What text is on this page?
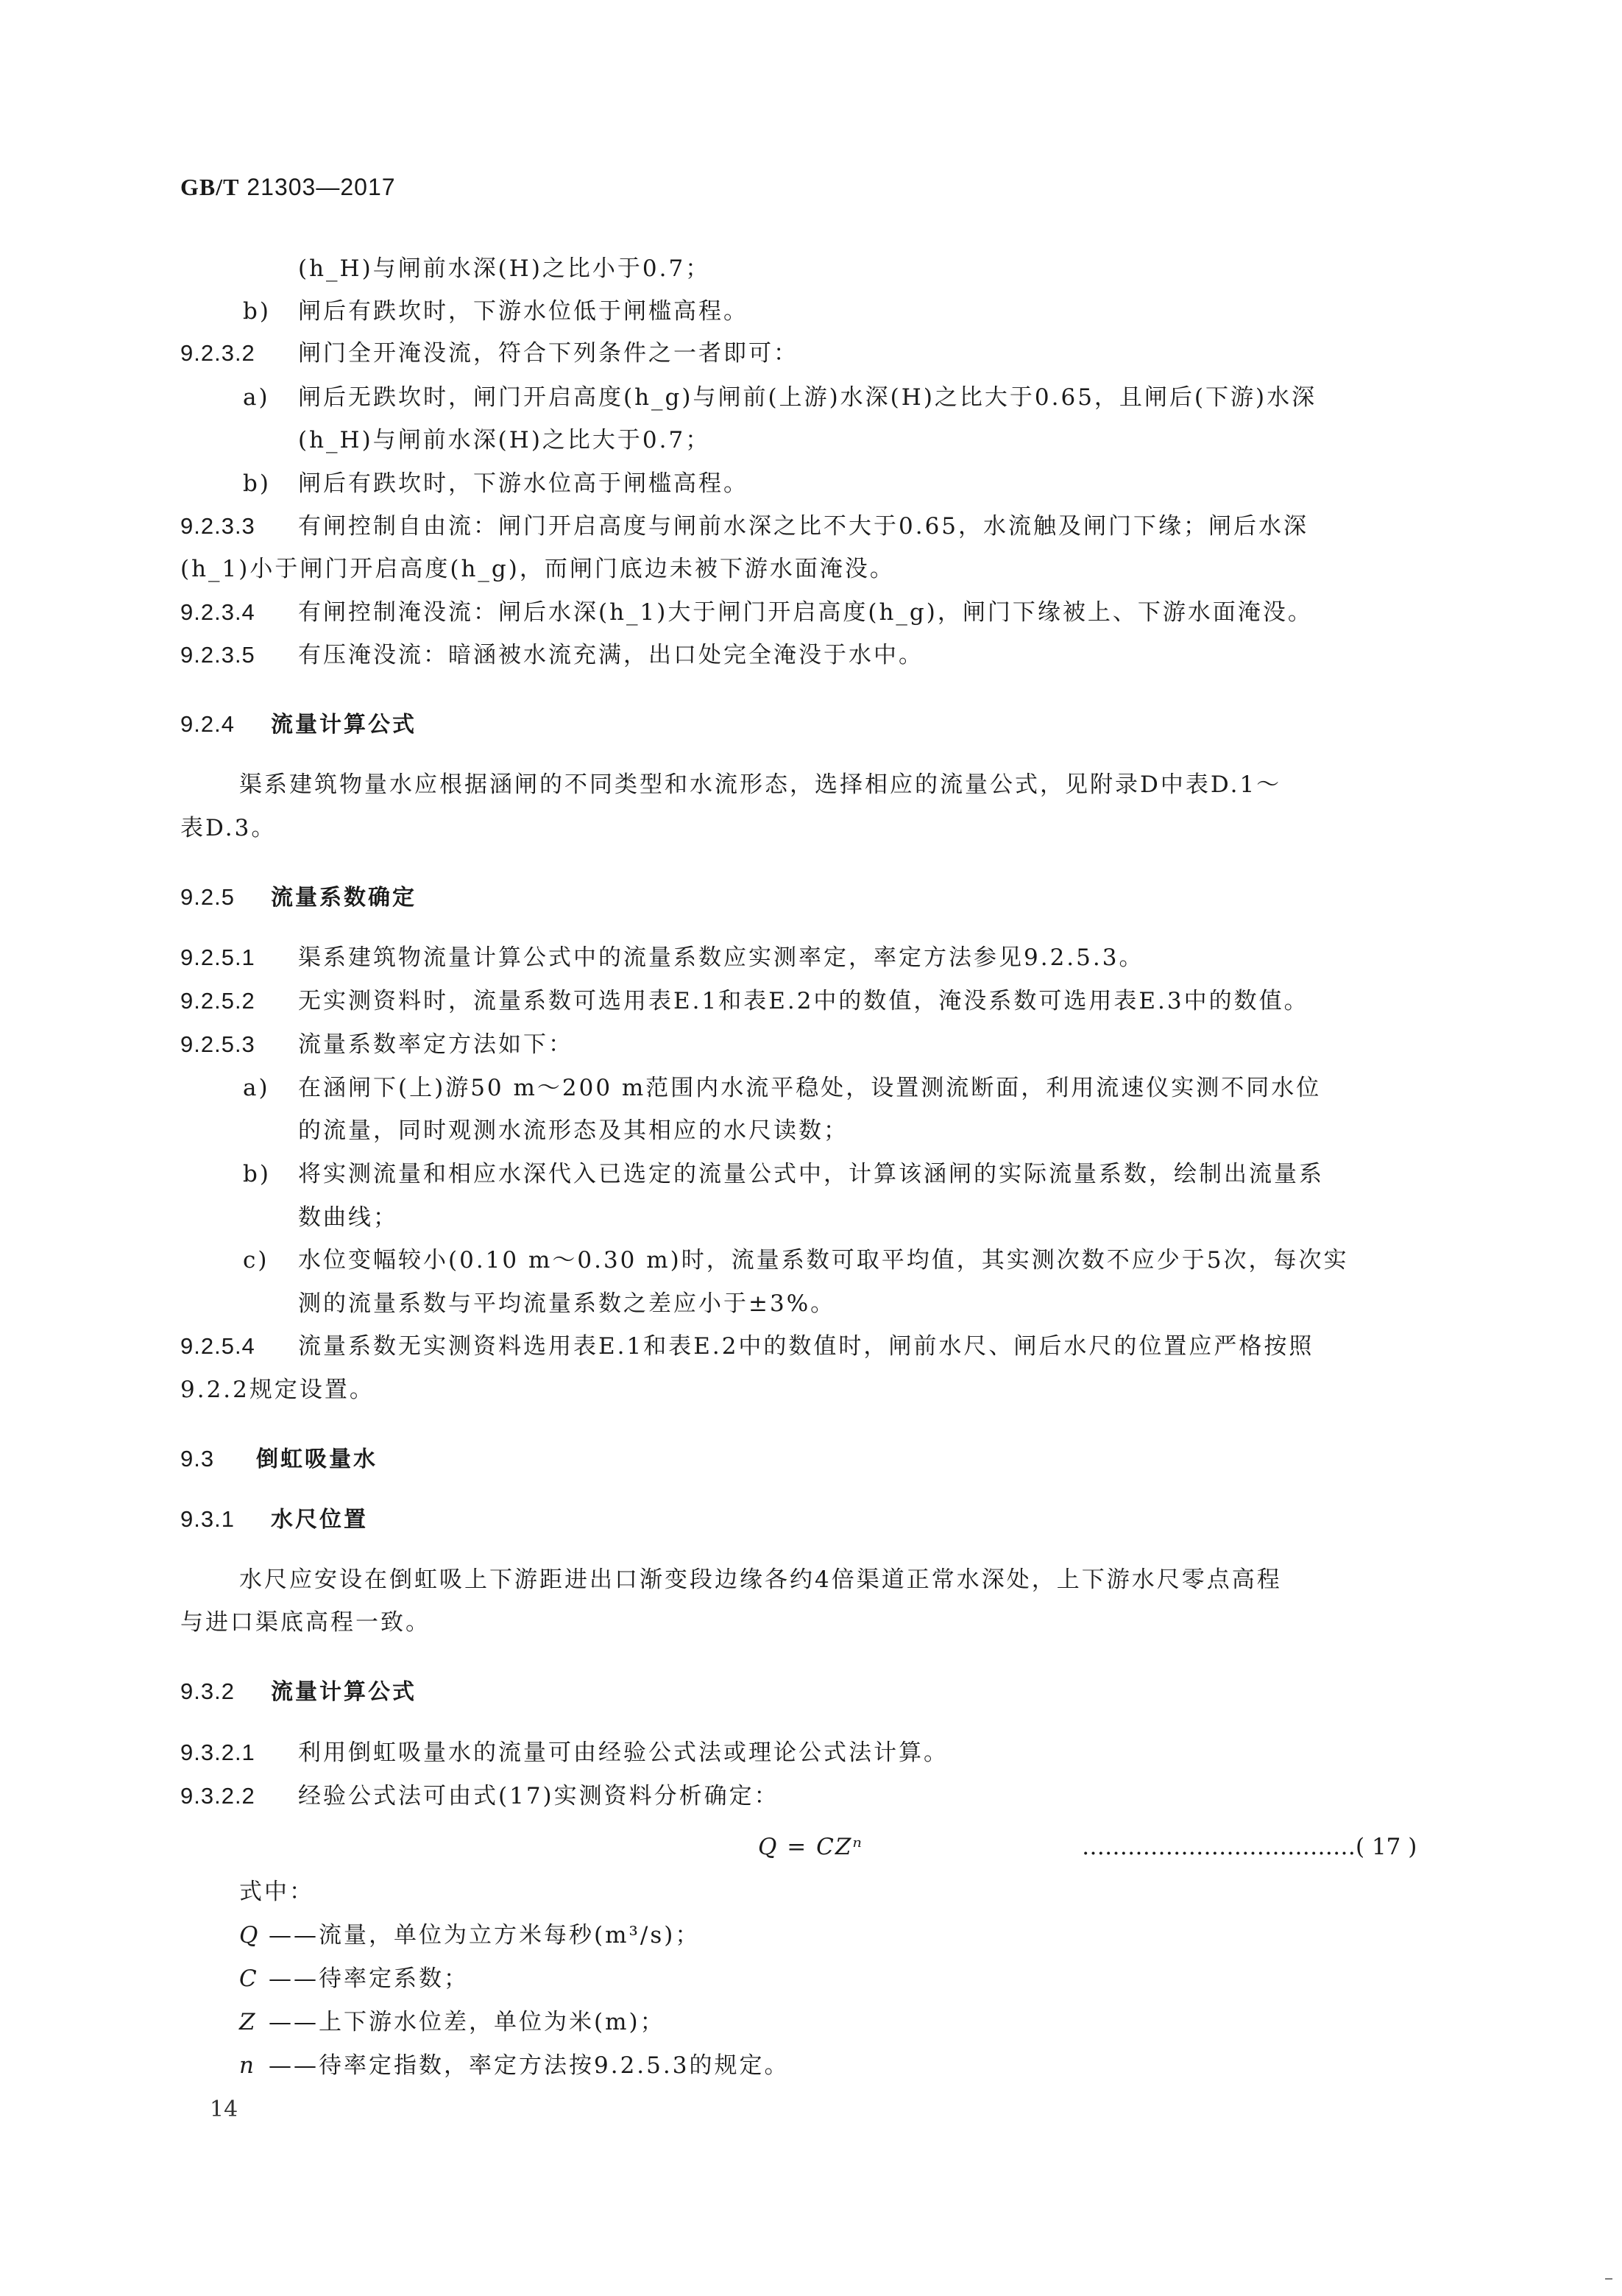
GB/T 21303—2017
(h_H)与闸前水深(H)之比小于0.7；
b) 闸后有跌坎时，下游水位低于闸槛高程。
9.2.3.2 闸门全开淹没流，符合下列条件之一者即可：
a) 闸后无跌坎时，闸门开启高度(h_g)与闸前(上游)水深(H)之比大于0.65，且闸后(下游)水深
(h_H)与闸前水深(H)之比大于0.7；
b) 闸后有跌坎时，下游水位高于闸槛高程。
9.2.3.3 有闸控制自由流：闸门开启高度与闸前水深之比不大于0.65，水流触及闸门下缘；闸后水深
(h_1)小于闸门开启高度(h_g)，而闸门底边未被下游水面淹没。
9.2.3.4 有闸控制淹没流：闸后水深(h_1)大于闸门开启高度(h_g)，闸门下缘被上、下游水面淹没。
9.2.3.5 有压淹没流：暗涵被水流充满，出口处完全淹没于水中。
9.2.4 流量计算公式
渠系建筑物量水应根据涵闸的不同类型和水流形态，选择相应的流量公式，见附录D中表D.1～
表D.3。
9.2.5 流量系数确定
9.2.5.1 渠系建筑物流量计算公式中的流量系数应实测率定，率定方法参见9.2.5.3。
9.2.5.2 无实测资料时，流量系数可选用表E.1和表E.2中的数值，淹没系数可选用表E.3中的数值。
9.2.5.3 流量系数率定方法如下：
a) 在涵闸下(上)游50 m～200 m范围内水流平稳处，设置测流断面，利用流速仪实测不同水位
的流量，同时观测水流形态及其相应的水尺读数；
b) 将实测流量和相应水深代入已选定的流量公式中，计算该涵闸的实际流量系数，绘制出流量系
数曲线；
c) 水位变幅较小(0.10 m～0.30 m)时，流量系数可取平均值，其实测次数不应少于5次，每次实
测的流量系数与平均流量系数之差应小于±3%。
9.2.5.4 流量系数无实测资料选用表E.1和表E.2中的数值时，闸前水尺、闸后水尺的位置应严格按照
9.2.2规定设置。
9.3 倒虹吸量水
9.3.1 水尺位置
水尺应安设在倒虹吸上下游距进出口渐变段边缘各约4倍渠道正常水深处，上下游水尺零点高程
与进口渠底高程一致。
9.3.2 流量计算公式
9.3.2.1 利用倒虹吸量水的流量可由经验公式法或理论公式法计算。
9.3.2.2 经验公式法可由式(17)实测资料分析确定：
Q = CZⁿ	………………………………( 17 )
式中：
Q ——流量，单位为立方米每秒(m³/s)；
C ——待率定系数；
Z ——上下游水位差，单位为米(m)；
n ——待率定指数，率定方法按9.2.5.3的规定。
14
–
